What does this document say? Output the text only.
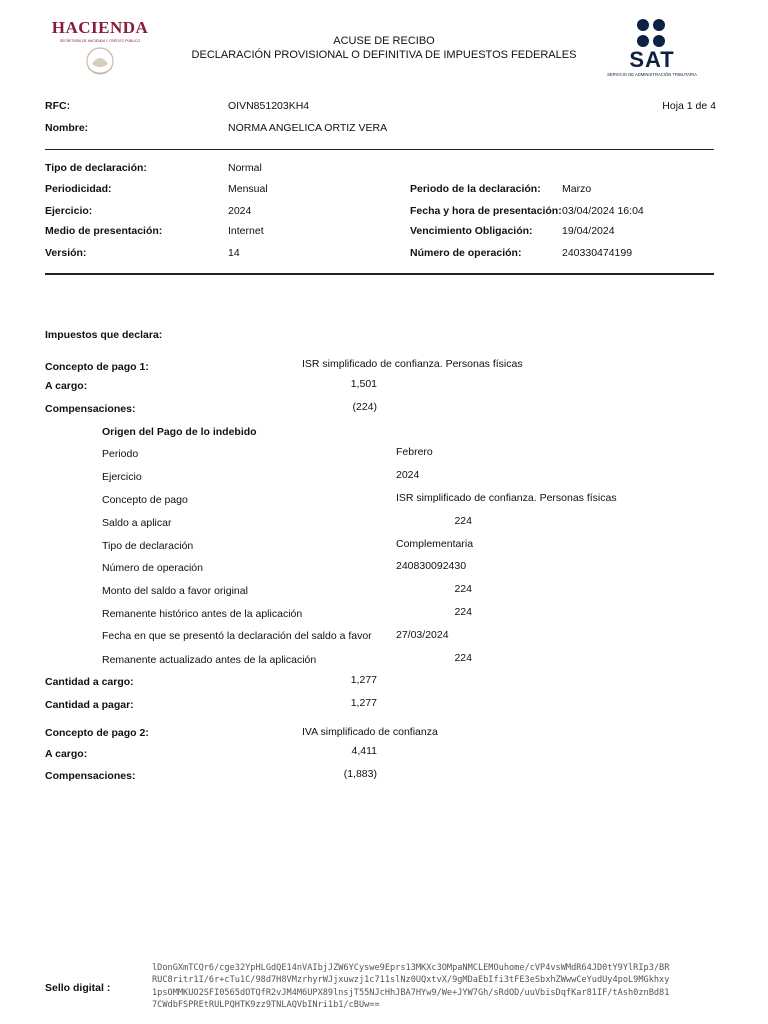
HACIENDA
SECRETARÍA DE HACIENDA Y CRÉDITO PÚBLICO	ACUSE DE RECIBO
DECLARACIÓN PROVISIONAL O DEFINITIVA DE IMPUESTOS FEDERALES	SAT
SERVICIO DE ADMINISTRACIÓN TRIBUTARIA
RFC:	OIVN851203KH4	Hoja 1 de 4
Nombre:	NORMA ANGELICA ORTIZ VERA
Tipo de declaración:	Normal
Periodicidad:	Mensual	Periodo de la declaración: Marzo
Ejercicio:	2024	Fecha y hora de presentación: 03/04/2024 16:04
Medio de presentación:	Internet	Vencimiento Obligación:	19/04/2024
Versión:	14	Número de operación:	240330474199
Impuestos que declara:
Concepto de pago 1:	ISR simplificado de confianza. Personas físicas
A cargo:	1,501
Compensaciones:	(224)
Origen del Pago de lo indebido
Periodo	Febrero
Ejercicio	2024
Concepto de pago	ISR simplificado de confianza. Personas físicas
Saldo a aplicar	224
Tipo de declaración	Complementaria
Número de operación	240830092430
Monto del saldo a favor original	224
Remanente histórico antes de la aplicación	224
Fecha en que se presentó la declaración del saldo a favor 27/03/2024
Remanente actualizado antes de la aplicación	224
Cantidad a cargo:	1,277
Cantidad a pagar:	1,277
Concepto de pago 2:	IVA simplificado de confianza
A cargo:	4,411
Compensaciones:	(1,883)
Sello digital :
lDonGXmTCQr6/cge32YpHLGdQE14nVAIbjJZW6YCyswe9Eprs13MKXc3OMpaNMCLEMOuhome/cVP4vsWMdR64JD0tY9YlRIp3/BR
RUC8ritr1I/6r+cTu1C/98d7H8VMzrhyrWJjxuwzj1c711slNz0UQxtvX/9gMDaEbIfi3tFE3eSbxhZWwwCeYudUy4poL9MGkhxy
1psOMMKUO2SFI0565dOTQfR2vJM4M6UPX89lnsjT55NJcHhJBA7HYw9/We+JYW7Gh/sRdOD/uuVbisDqfKar81IF/tAsh0znBd81
7CWdbFSPREtRULPQHTK9zz9TNLAQVbINri1b1/cBUw==
